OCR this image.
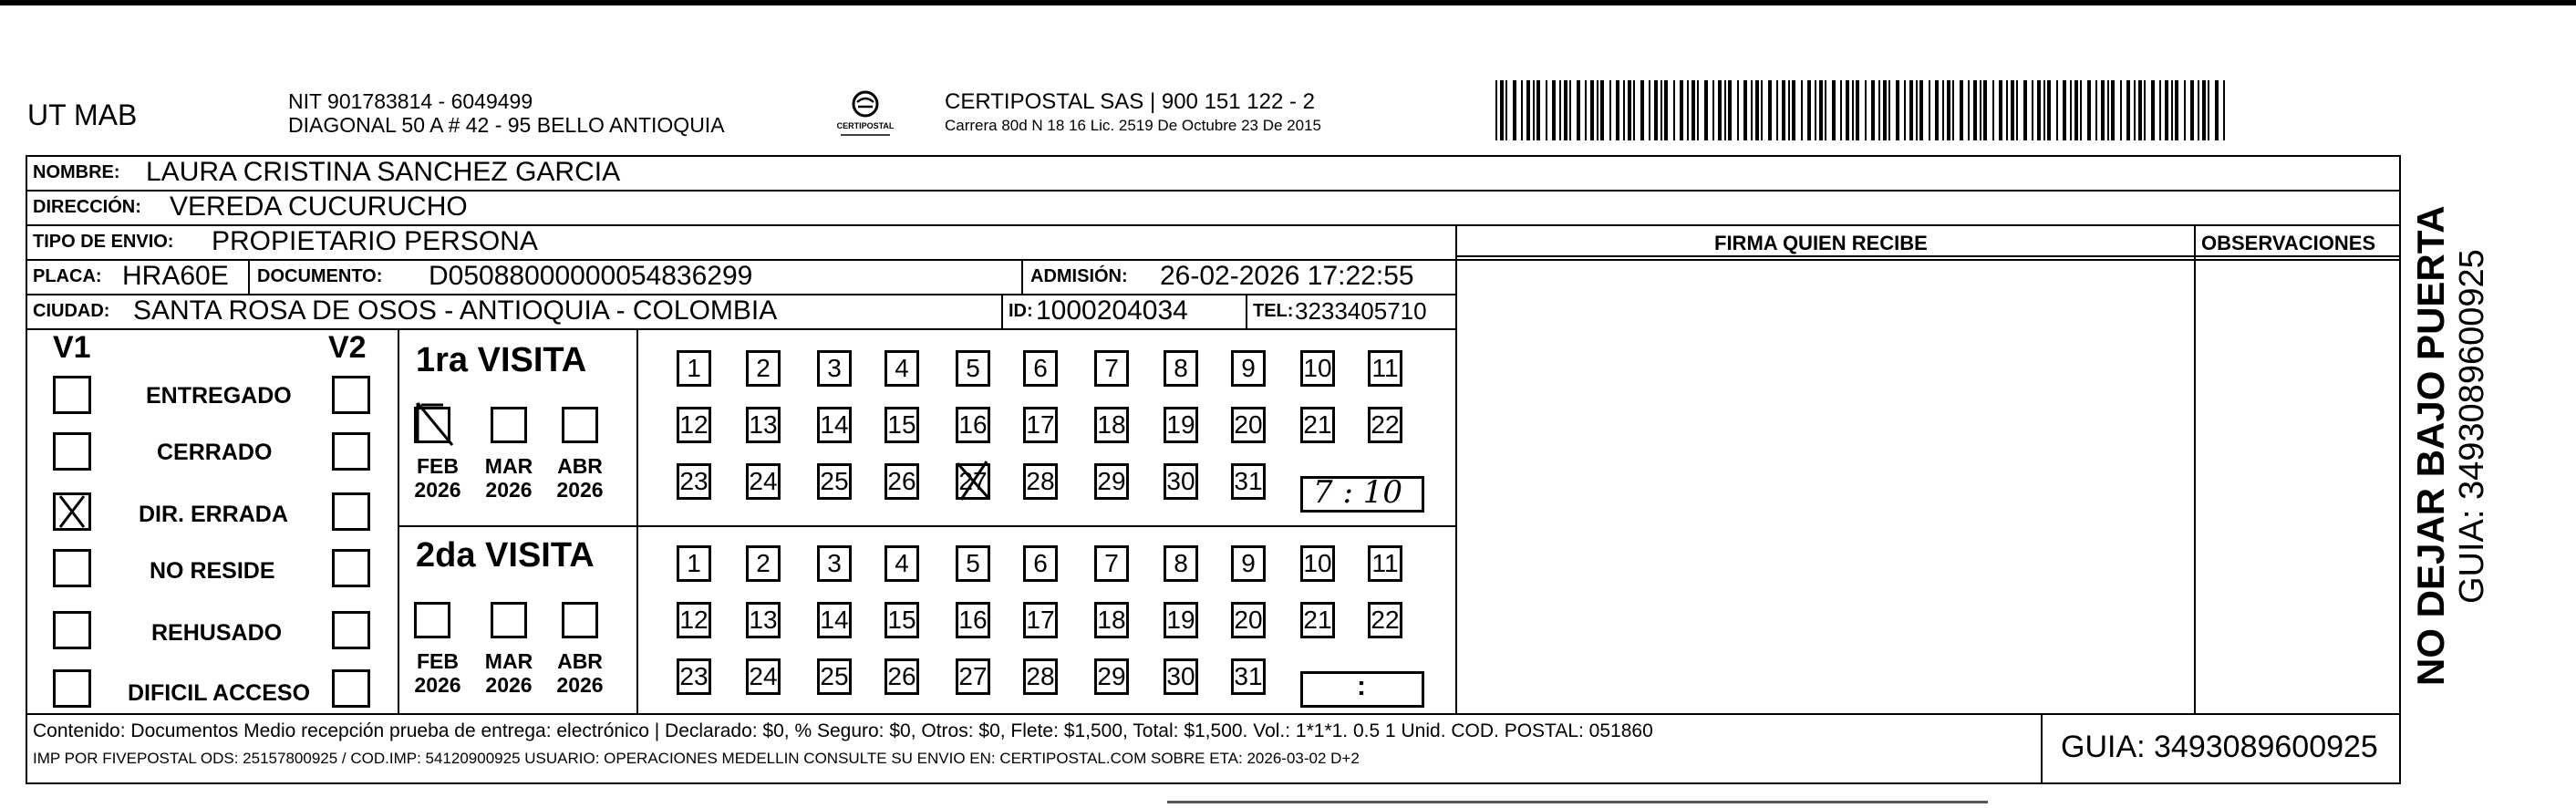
UT MAB	NIT 901783814 - 6049499
DIAGONAL 50 A # 42 - 95 BELLO ANTIOQUIA	CERTIPOSTAL
CERTIPOSTAL SAS | 900 151 122 - 2
Carrera 80d N 18 16 Lic. 2519 De Octubre 23 De 2015
NOMBRE: LAURA CRISTINA SANCHEZ GARCIA
DIRECCIÓN: VEREDA CUCURUCHO
TIPO DE ENVIO: PROPIETARIO PERSONA	FIRMA QUIEN RECIBE	OBSERVACIONES
PLACA: HRA60E DOCUMENTO: D05088000000054836299	ADMISIÓN: 26-02-2026 17:22:55
CIUDAD: SANTA ROSA DE OSOS - ANTIOQUIA - COLOMBIA	ID: 1000204034	TEL: 3233405710
V1	V2
ENTREGADO
CERRADO
DIR. ERRADA
NO RESIDE
REHUSADO
DIFICIL ACCESO
1ra VISITA
FEB
2026
MAR
2026
ABR
2026
1	2	3	4	5	6	7	8	9	10 11
12 13 14 15 16 17 18 19 20 21 22
23 24 25 26 27 28 29 30 31 7 : 10
2da VISITA
FEB
2026
MAR
2026
ABR
2026
1	2	3	4	5	6	7	8	9	10 11
12 13 14 15 16 17 18 19 20 21 22
23 24 25 26 27 28 29 30 31	:
Contenido: Documentos Medio recepción prueba de entrega: electrónico | Declarado: $0, % Seguro: $0, Otros: $0, Flete: $1,500, Total: $1,500. Vol.: 1*1*1. 0.5 1 Unid. COD. POSTAL: 051860
IMP POR FIVEPOSTAL ODS: 25157800925 / COD.IMP: 54120900925 USUARIO: OPERACIONES MEDELLIN CONSULTE SU ENVIO EN: CERTIPOSTAL.COM SOBRE ETA: 2026-03-02 D+2	GUIA: 3493089600925
NO DEJAR BAJO PUERTA GUIA: 3493089600925
